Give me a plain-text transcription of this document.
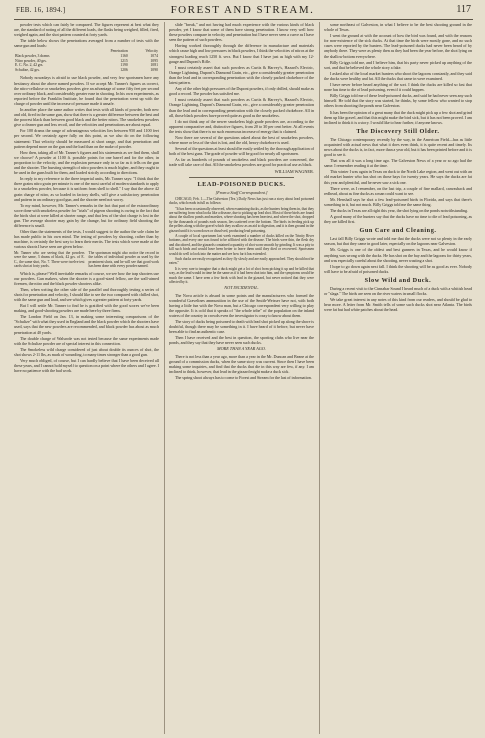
FEB. 16, 1894.]	FOREST AND STREAM.	117

powder tests which can fairly be compared. The figures represent at best what they are, the standard of noting of all the different loads, the flasks being weighed, filled, fired, weighed again, and the shot pattern counted at forty yards.

The table below shows the penetrations averaged from a number of tests with the same gun and loads:

	Penetration	Velocity
Black powder, 3 drams	1160	1074
Nitro powder, 40 grs.	1215	1095
E. C. No. 2, 42 grs.	1190	1081
Schultze, 42 grs.	1206	1090

Nobody nowadays is afraid to use black powder, and very few sportsmen have any hesitancy about the above named powders. If we accept Mr. Tanner's figures as correct, the nitro-cellulose or smokeless powders give an advantage of some fifty feet per second over ordinary black, and considerably greater ease in shooting. In his own experiments, as reported before the Franklin Institute, he found that the penetration went up with the charge of powder until the increase of pressure made it unsafe.

In another place the same author writes that tests with all kinds of powder, both new and old, fired in the same gun, show that there is a greater difference between the best and the poorest black than between good black and the better nitros. The smokeless powders give a cleaner gun and less recoil, and the velocities and penetrations are about equal.

For 100 drams the range of advantageous velocities lies between 950 and 1100 feet per second. We certainly agree fully on this point, as we also do on the following statement: That velocity should be measured at short range, and that penetration and pattern depend more on the gun and the load than on the make of powder.

How then, taking all of Mr. Tanner's figures and his statements as we find them, shall we choose? A powder at 1100 ft. possible points for one barrel and for the other, in proportion to the velocity, and the explosion pressure only in so far as it tells on the gun and the shooter. The bursting strength of nitro powders is much higher, and they ought to be used in the guns built for them, and loaded strictly according to directions.

In reply to my reference to the three imperial units, Mr. Tanner says: "I think that the three grains nitro grain per minute is one of the most careful of modern standards to apply to a smokeless powder, because it is uniform from shell to shell." I say that the above 42 grain charge of nitro, as so loaded in factory shells, will give a satisfactory penetration and pattern in an ordinary good gun, and the shooter need not worry.

To my mind, however, Mr. Tanner's remarks in the fact that part of the extraordinary score done with smokeless powder for "trials" of pigeon shooting is owing to the fact that the birds shot at were killed at shorter range, and that less of the shot charge is lost in the gun. The average shooter may gain by the change, but for ordinary field shooting the difference is small.

Other than the statements of the tests, I would suggest to the author the sole claim he has made public in his own mind. The testing of powders by shooting, rather than by machine, is certainly the best way to learn their merits. The tests which were made at the various shoots I have seen are given below.

Mr. Tanner who are seeing that the powders were the same, 3 drams of black, 42 grs. of E. C., the same shot, No. 7. There were twelve test cards shot at forty yards.
The sportsman might also notice the record in the tables of individual powder as used by the prominent shots, and he will see that good work has been done with every powder named.

Which is, please? Well inevitable remarks of course, we see how the trap shooters use our powders. Gun makers, when the shooter is a good-sized fellow, are the wall-aimed firemen, the nitro and the black powder shooters alike.

Then, when writing the other side of the parallel and thoroughly testing a series of shots for penetration and velocity, I should like to see the two compared with chilled shot, with the same gun and load, and see which gives a greater pattern at forty yards.

But I will settle Mr. Tanner to find he is gratified with the good scores we've been making, and good-shooting powders are made here by three firms.

The London Field on Jan. 13, in making some interesting comparisons of the "Schultze" with what they used in England and the black powder which the shooters have used, says that the new powders are recommended, and black powder has about as much penetration at 40 yards.

The double charge of Walsrode was not tested because the same experiments made with the Schultze powder are of special interest in this connection.

The Smokeless wild charge considered of just about double its ounces of shot, the shot shows 2-11 lbs, as mark of wounding, to many times stronger than a good gun.

Very much obliged, of course, but I can hardly believe that I have been deceived all these years, and I cannot hold myself to question on a point where the others and I agree. I have no patience with the bad work.

slide "break," and not having had much experience with the various kinds of black powder, yet I know that some of them have strong penetration. I know very well how these powders compare in velocity and penetration but I have never seen a curve as I have seen the pattern of such powders.

Having worked thoroughly through the difference in manufacture and materials which cause high and low pressures in black powders, I think the velocities of nitros at the strongest loading reach 1250 ft. secs. But I know that I have just as high with my 12-gauge and Dupont's Rifle.

I must certainly assert that such powders as Curtis & Harvey's, Hazard's Electric, Orange Lightning, Dupont's Diamond Grain, etc., give a considerably greater penetration than the lead and in corresponding penetration with the closely packed chokebore of the latest pattern.

Any of the other high pressures of the Dupont powders, if only drilled, should make as good a record. The powder has satisfied me.

I must certainly assert that such powders as Curtis & Harvey's, Hazard's Electric, Orange Lightning, Dupont's Diamond Grain, etc., give a considerably greater penetration than the lead and in corresponding penetration with the closely packed chokebore. All in all, those black powders have proved quite as good as the smokeless.

I do not think any of the newer smokeless high grade powders are, according to the apparent comparative and, distinctive figures, from 20 to 30 per cent better. At all events the tests show that there is no such enormous increase of energy that is claimed.

Now there are several of the questions asked about the best of smokeless powders, where more or less of the shot is lost, and the old, heavy chokebore is used.

Several of the questions at least should be easily settled by the thorough application of both of the best guns. The grade of powder will be good for nearly all sportsmen.

As far as hundreds of pounds of smokeless and black powders are concerned, the trade will take care of that. All the smokeless powders are good for practical use as black.

WILLIAM WAGNER.
LEAD-POISONED DUCKS.
[From a Staff Correspondent.]

CHICAGO, Feb. 1.—The Galveston (Tex.) Daily News has just run a story about lead poisoned ducks, which reads in full as follows:

"It has been occasionally observed, when examining ducks, as the hunters bring them in, that they are suffering from what looks like a disease, due to picking up lead shot. Most of these birds are found about the shallow ponds and marshes, where shooting has been heaviest, and where the shot, dropped by the thousands of pounds each season, lies scattered over the bottom. The birds in feeding pick up the pellets along with the gravel which they swallow as an aid to digestion, and it is then ground in the gizzard until it is worn down or dissolved, producing lead poisoning.

A couple of local sportsmen last week examined a number of ducks killed on the Trinity River bottoms, and every one was found to be afflicted with the disease. The birds were thin, the flesh dry and discolored, and the gizzards contained a quantity of shot worn smooth by grinding. It was a pity to kill such birds and would have been better to leave them until they died or recovered. Sportsmen would do well to look into the matter and see how far it has extended.

Such ducks are easily recognized as they fly slowly and are easily approached. They should not be eaten."

It is very rare to imagine that a duck might get a lot of shot from picking it up and be killed that way, as the lead would in time be the same as if it had been shot into him, and the symptoms would be much the same. I have seen a few birds with lead in the gizzard, but never noticed that they were affected by it.

NOT INCIDENTAL.

The Nova article is absurd in some points and the manufacturers who formed the wonderful Gravelines ammunition in the use of the Smith-Weisser have not, with both having a little fun with the Nova man, but a Chicago correspondent very willing to play the opposite. It is cold that it speaks of "the whole tribe" of the population on the inland waters of the country in crowds even the investigator is crazy to know about them.

The story of ducks being poisoned to death with lead shot picked up along the shore is doubtful, though there may be something in it. I have heard of it before, but never have been able to find an authentic case.

Then I have received and the best in question, the sporting clubs who live near the ponds, and they say that they have never seen such ducks.

MORE THAN A YEAR AGO.

There is not less than a year ago, more than a year in the Mr. Duncan and Beane at the ground of a commission ducks, when the same story was current. Since then I have been making some inquiries, and find that the ducks that die in this way are few, if any. I am inclined to think, however, that lead in the gizzard might make a duck sick.

The spring shoot always has to come to Forest and Stream for the last of information.

some northeast of Galveston, in what I believe to be the best shooting ground in the whole of Texas.

I went the ground at with the account of how the bird was found, and with the reasons for non-existence of the sick ducks. At that time the birds were mostly gone, and no such cases were reported by the hunters. The lead-poisoned ducks had never been heard of by anybody there. They were as plenty then as they had been the year before, the shot lying on the shallow bottom everywhere.

Billy Griggs told me, and I believe him, that his party never picked up anything of the sort, and that he believed the whole story a fake.

I asked also of the local market hunters who shoot the lagoons constantly, and they said the ducks were healthy and fat. All the ducks that came in were examined.

I have never before heard anything of the sort. I think the ducks are killed so fast that none has time to die of lead poisoning, even if it could happen.

Billy Griggs told me of these lead-poisoned ducks, and said he had never seen any such himself. He told that the story was started, he thinks, by some fellow who wanted to stop others from shooting the ponds near Galveston.

It has been the opinion of a great many that the duck might pick up a few shot and grind them up like gravel, and that this might make the bird sick, but it has not been proved. I am inclined to think it is a story. I would like to hear further, if anyone knows.

The Discovery Still Older.

The Chicago contemporary recently by the way, in the American Field—has as little acquainted with actual news that what it does even think, it is quite recent and timely. Its news about the ducks is, in fact, more than a year old, but it has been printed before and it is good to see it.

That was all it was a long time ago. The Galveston News of a year or so ago had the same. I remember reading it at the time.

This winter I was again in Texas on duck to the North Lake region, and went out with an old market hunter who has shot on those bays for twenty years. He says the ducks are fat this year and plentiful, and he never saw a sick one.

There were, as I remember, on the last trip, a couple of fine mallard, canvasback and redhead, about as fine ducks as a man could want to see.

Mr. Henshall says he shot a few lead-poisoned birds in Florida, and says that there's something in it, but not much. Billy Griggs told me the same thing.

The ducks in Texas are all right this year, the shot lying on the ponds notwithstanding.

A good many of the hunters say that the ducks have no time to die of lead poisoning, as they are killed first.

Gun Care and Cleaning.

Last fall Billy Griggs wrote and told me that the ducks were not so plenty in the early season, but that they came in good later, especially on the lagoons near Galveston.

Mr. Griggs is one of the oldest and best gunners in Texas, and he would know if anything was wrong with the ducks. He has shot on the bay and the lagoons for thirty years, and was especially careful about the shooting, never wasting a shot.

I hope to go down again next fall. I think the shooting will be as good as ever. Nobody will have to be afraid of poisoned ducks.

Slow Wild and Duck.

During a recent visit to the Cinnabar Sound I heard much of a duck with a whitish head or "slaga." The birds are seen on the river waters in small flocks.

We take great interest in any notes of this kind from our readers, and should be glad to hear more. A letter from Mr. Smith tells of some such ducks shot near Atlanta. The birds were fat but had white patches about the head.
